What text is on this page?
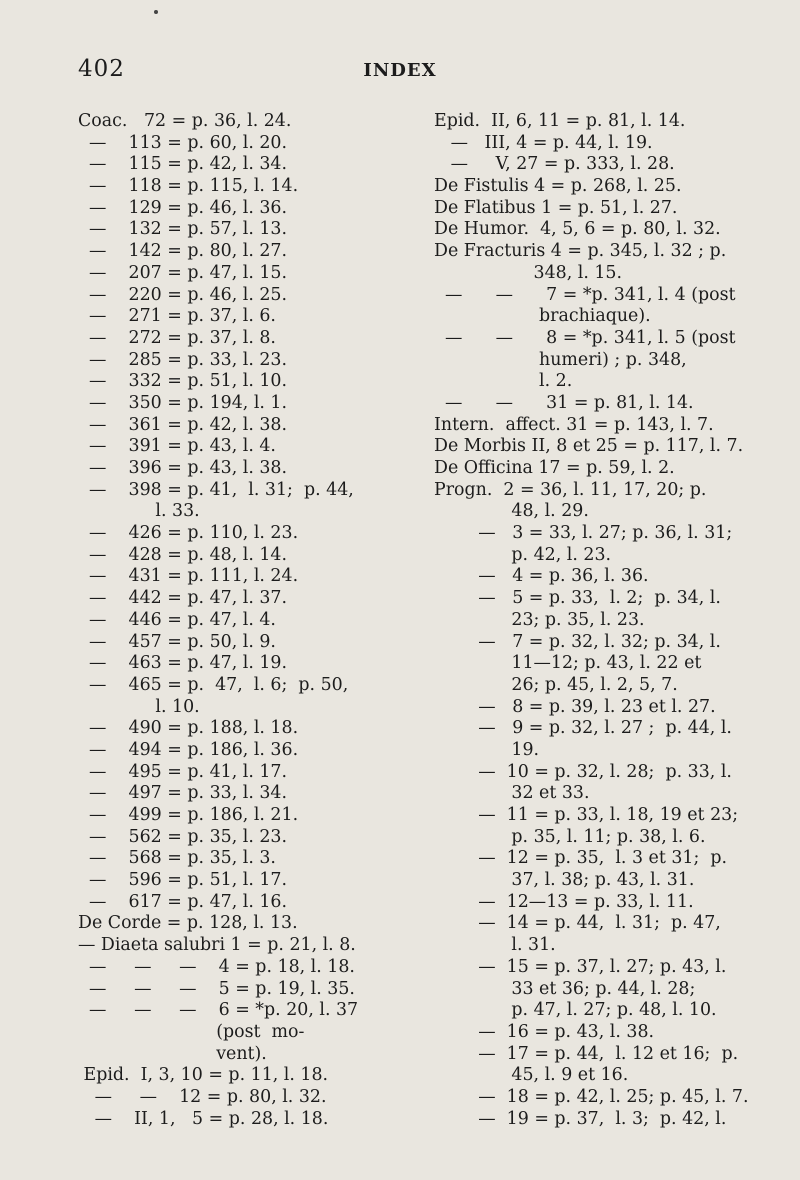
402	INDEX
Coac.   72 = p. 36, l. 24.
—    113 = p. 60, l. 20.
—    115 = p. 42, l. 34.
—    118 = p. 115, l. 14.
—    129 = p. 46, l. 36.
—    132 = p. 57, l. 13.
—    142 = p. 80, l. 27.
—    207 = p. 47, l. 15.
—    220 = p. 46, l. 25.
—    271 = p. 37, l. 6.
—    272 = p. 37, l. 8.
—    285 = p. 33, l. 23.
—    332 = p. 51, l. 10.
—    350 = p. 194, l. 1.
—    361 = p. 42, l. 38.
—    391 = p. 43, l. 4.
—    396 = p. 43, l. 38.
—    398 = p. 41,  l. 31;  p. 44,
l. 33.
—    426 = p. 110, l. 23.
—    428 = p. 48, l. 14.
—    431 = p. 111, l. 24.
—    442 = p. 47, l. 37.
—    446 = p. 47, l. 4.
—    457 = p. 50, l. 9.
—    463 = p. 47, l. 19.
—    465 = p.  47,  l. 6;  p. 50,
l. 10.
—    490 = p. 188, l. 18.
—    494 = p. 186, l. 36.
—    495 = p. 41, l. 17.
—    497 = p. 33, l. 34.
—    499 = p. 186, l. 21.
—    562 = p. 35, l. 23.
—    568 = p. 35, l. 3.
—    596 = p. 51, l. 17.
—    617 = p. 47, l. 16.
De Corde = p. 128, l. 13.
— Diaeta salubri 1 = p. 21, l. 8.
—     —     —    4 = p. 18, l. 18.
—     —     —    5 = p. 19, l. 35.
—     —     —    6 = *p. 20, l. 37
(post  mo-
vent).
Epid.  I, 3, 10 = p. 11, l. 18.
—     —    12 = p. 80, l. 32.
—    II, 1,   5 = p. 28, l. 18.
Epid.  II, 6, 11 = p. 81, l. 14.
—   III, 4 = p. 44, l. 19.
—     V, 27 = p. 333, l. 28.
De Fistulis 4 = p. 268, l. 25.
De Flatibus 1 = p. 51, l. 27.
De Humor.  4, 5, 6 = p. 80, l. 32.
De Fracturis 4 = p. 345, l. 32 ; p.
348, l. 15.
—      —      7 = *p. 341, l. 4 (post
brachiaque).
—      —      8 = *p. 341, l. 5 (post
humeri) ; p. 348,
l. 2.
—      —      31 = p. 81, l. 14.
Intern.  affect. 31 = p. 143, l. 7.
De Morbis II, 8 et 25 = p. 117, l. 7.
De Officina 17 = p. 59, l. 2.
Progn.  2 = 36, l. 11, 17, 20; p.
48, l. 29.
—   3 = 33, l. 27; p. 36, l. 31;
p. 42, l. 23.
—   4 = p. 36, l. 36.
—   5 = p. 33,  l. 2;  p. 34, l.
23; p. 35, l. 23.
—   7 = p. 32, l. 32; p. 34, l.
11—12; p. 43, l. 22 et
26; p. 45, l. 2, 5, 7.
—   8 = p. 39, l. 23 et l. 27.
—   9 = p. 32, l. 27 ;  p. 44, l.
19.
—  10 = p. 32, l. 28;  p. 33, l.
32 et 33.
—  11 = p. 33, l. 18, 19 et 23;
p. 35, l. 11; p. 38, l. 6.
—  12 = p. 35,  l. 3 et 31;  p.
37, l. 38; p. 43, l. 31.
—  12—13 = p. 33, l. 11.
—  14 = p. 44,  l. 31;  p. 47,
l. 31.
—  15 = p. 37, l. 27; p. 43, l.
33 et 36; p. 44, l. 28;
p. 47, l. 27; p. 48, l. 10.
—  16 = p. 43, l. 38.
—  17 = p. 44,  l. 12 et 16;  p.
45, l. 9 et 16.
—  18 = p. 42, l. 25; p. 45, l. 7.
—  19 = p. 37,  l. 3;  p. 42, l.
